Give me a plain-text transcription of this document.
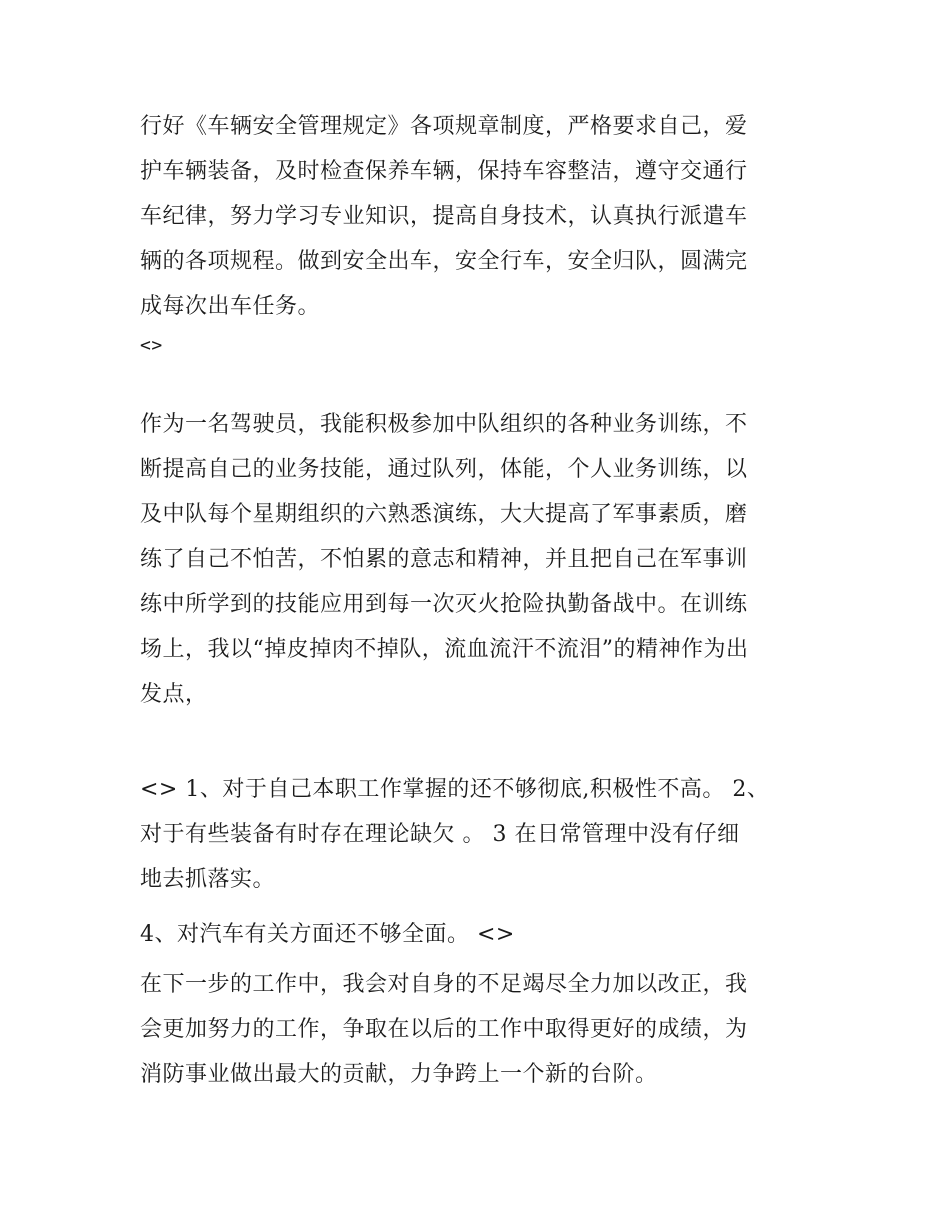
行好《车辆安全管理规定》各项规章制度，严格要求自己，爱
护车辆装备，及时检查保养车辆，保持车容整洁，遵守交通行
车纪律，努力学习专业知识，提高自身技术，认真执行派遣车
辆的各项规程。做到安全出车，安全行车，安全归队，圆满完
成每次出车任务。
<>
作为一名驾驶员，我能积极参加中队组织的各种业务训练，不
断提高自己的业务技能，通过队列，体能，个人业务训练，以
及中队每个星期组织的六熟悉演练，大大提高了军事素质，磨
练了自己不怕苦，不怕累的意志和精神，并且把自己在军事训
练中所学到的技能应用到每一次灭火抢险执勤备战中。在训练
场上，我以“掉皮掉肉不掉队，流血流汗不流泪”的精神作为出
发点，
<> 1、对于自己本职工作掌握的还不够彻底,积极性不高。 2、
对于有些装备有时存在理论缺欠 。 3 在日常管理中没有仔细
地去抓落实。
4、对汽车有关方面还不够全面。 <>
在下一步的工作中，我会对自身的不足竭尽全力加以改正，我
会更加努力的工作，争取在以后的工作中取得更好的成绩，为
消防事业做出最大的贡献，力争跨上一个新的台阶。
